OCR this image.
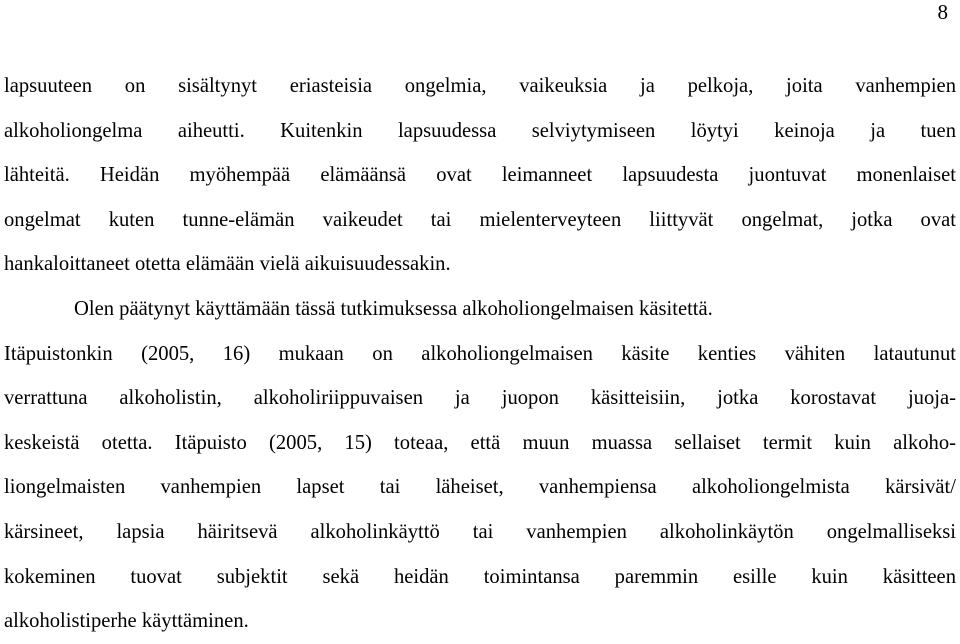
8
lapsuuteen on sisältynyt eriasteisia ongelmia, vaikeuksia ja pelkoja, joita vanhempien
alkoholiongelma aiheutti. Kuitenkin lapsuudessa selviytymiseen löytyi keinoja ja tuen
lähteitä. Heidän myöhempää elämäänsä ovat leimanneet lapsuudesta juontuvat monenlaiset
ongelmat kuten tunne-elämän vaikeudet tai mielenterveyteen liittyvät ongelmat, jotka ovat
hankaloittaneet otetta elämään vielä aikuisuudessakin.
Olen päätynyt käyttämään tässä tutkimuksessa alkoholiongelmaisen käsitettä.
Itäpuistonkin (2005, 16) mukaan on alkoholiongelmaisen käsite kenties vähiten latautunut
verrattuna alkoholistin, alkoholiriippuvaisen ja juopon käsitteisiin, jotka korostavat juoja-
keskeistä otetta. Itäpuisto (2005, 15) toteaa, että muun muassa sellaiset termit kuin alkoho-
liongelmaisten vanhempien lapset tai läheiset, vanhempiensa alkoholiongelmista kärsivät/
kärsineet, lapsia häiritsevä alkoholinkäyttö tai vanhempien alkoholinkäytön ongelmalliseksi
kokeminen tuovat subjektit sekä heidän toimintansa paremmin esille kuin käsitteen
alkoholistiperhe käyttäminen.
